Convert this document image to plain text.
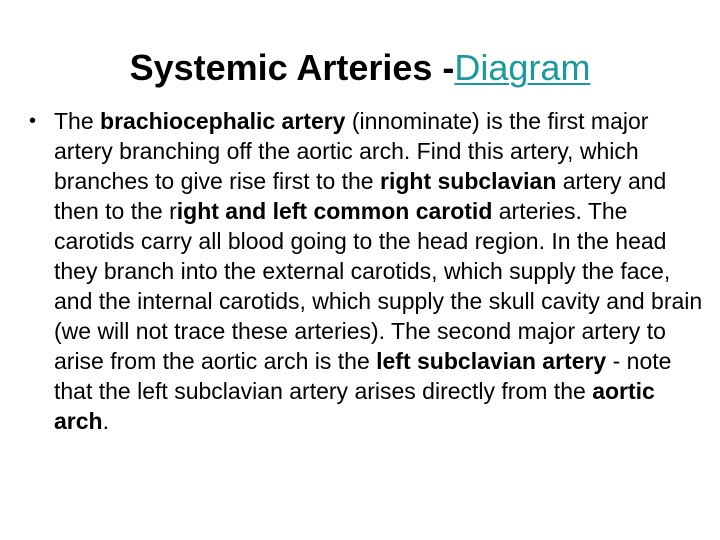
Systemic Arteries -Diagram
• The brachiocephalic artery (innominate) is the first major artery branching off the aortic arch. Find this artery, which branches to give rise first to the right subclavian artery and then to the right and left common carotid arteries. The carotids carry all blood going to the head region. In the head they branch into the external carotids, which supply the face, and the internal carotids, which supply the skull cavity and brain (we will not trace these arteries). The second major artery to arise from the aortic arch is the left subclavian artery - note that the left subclavian artery arises directly from the aortic arch.
